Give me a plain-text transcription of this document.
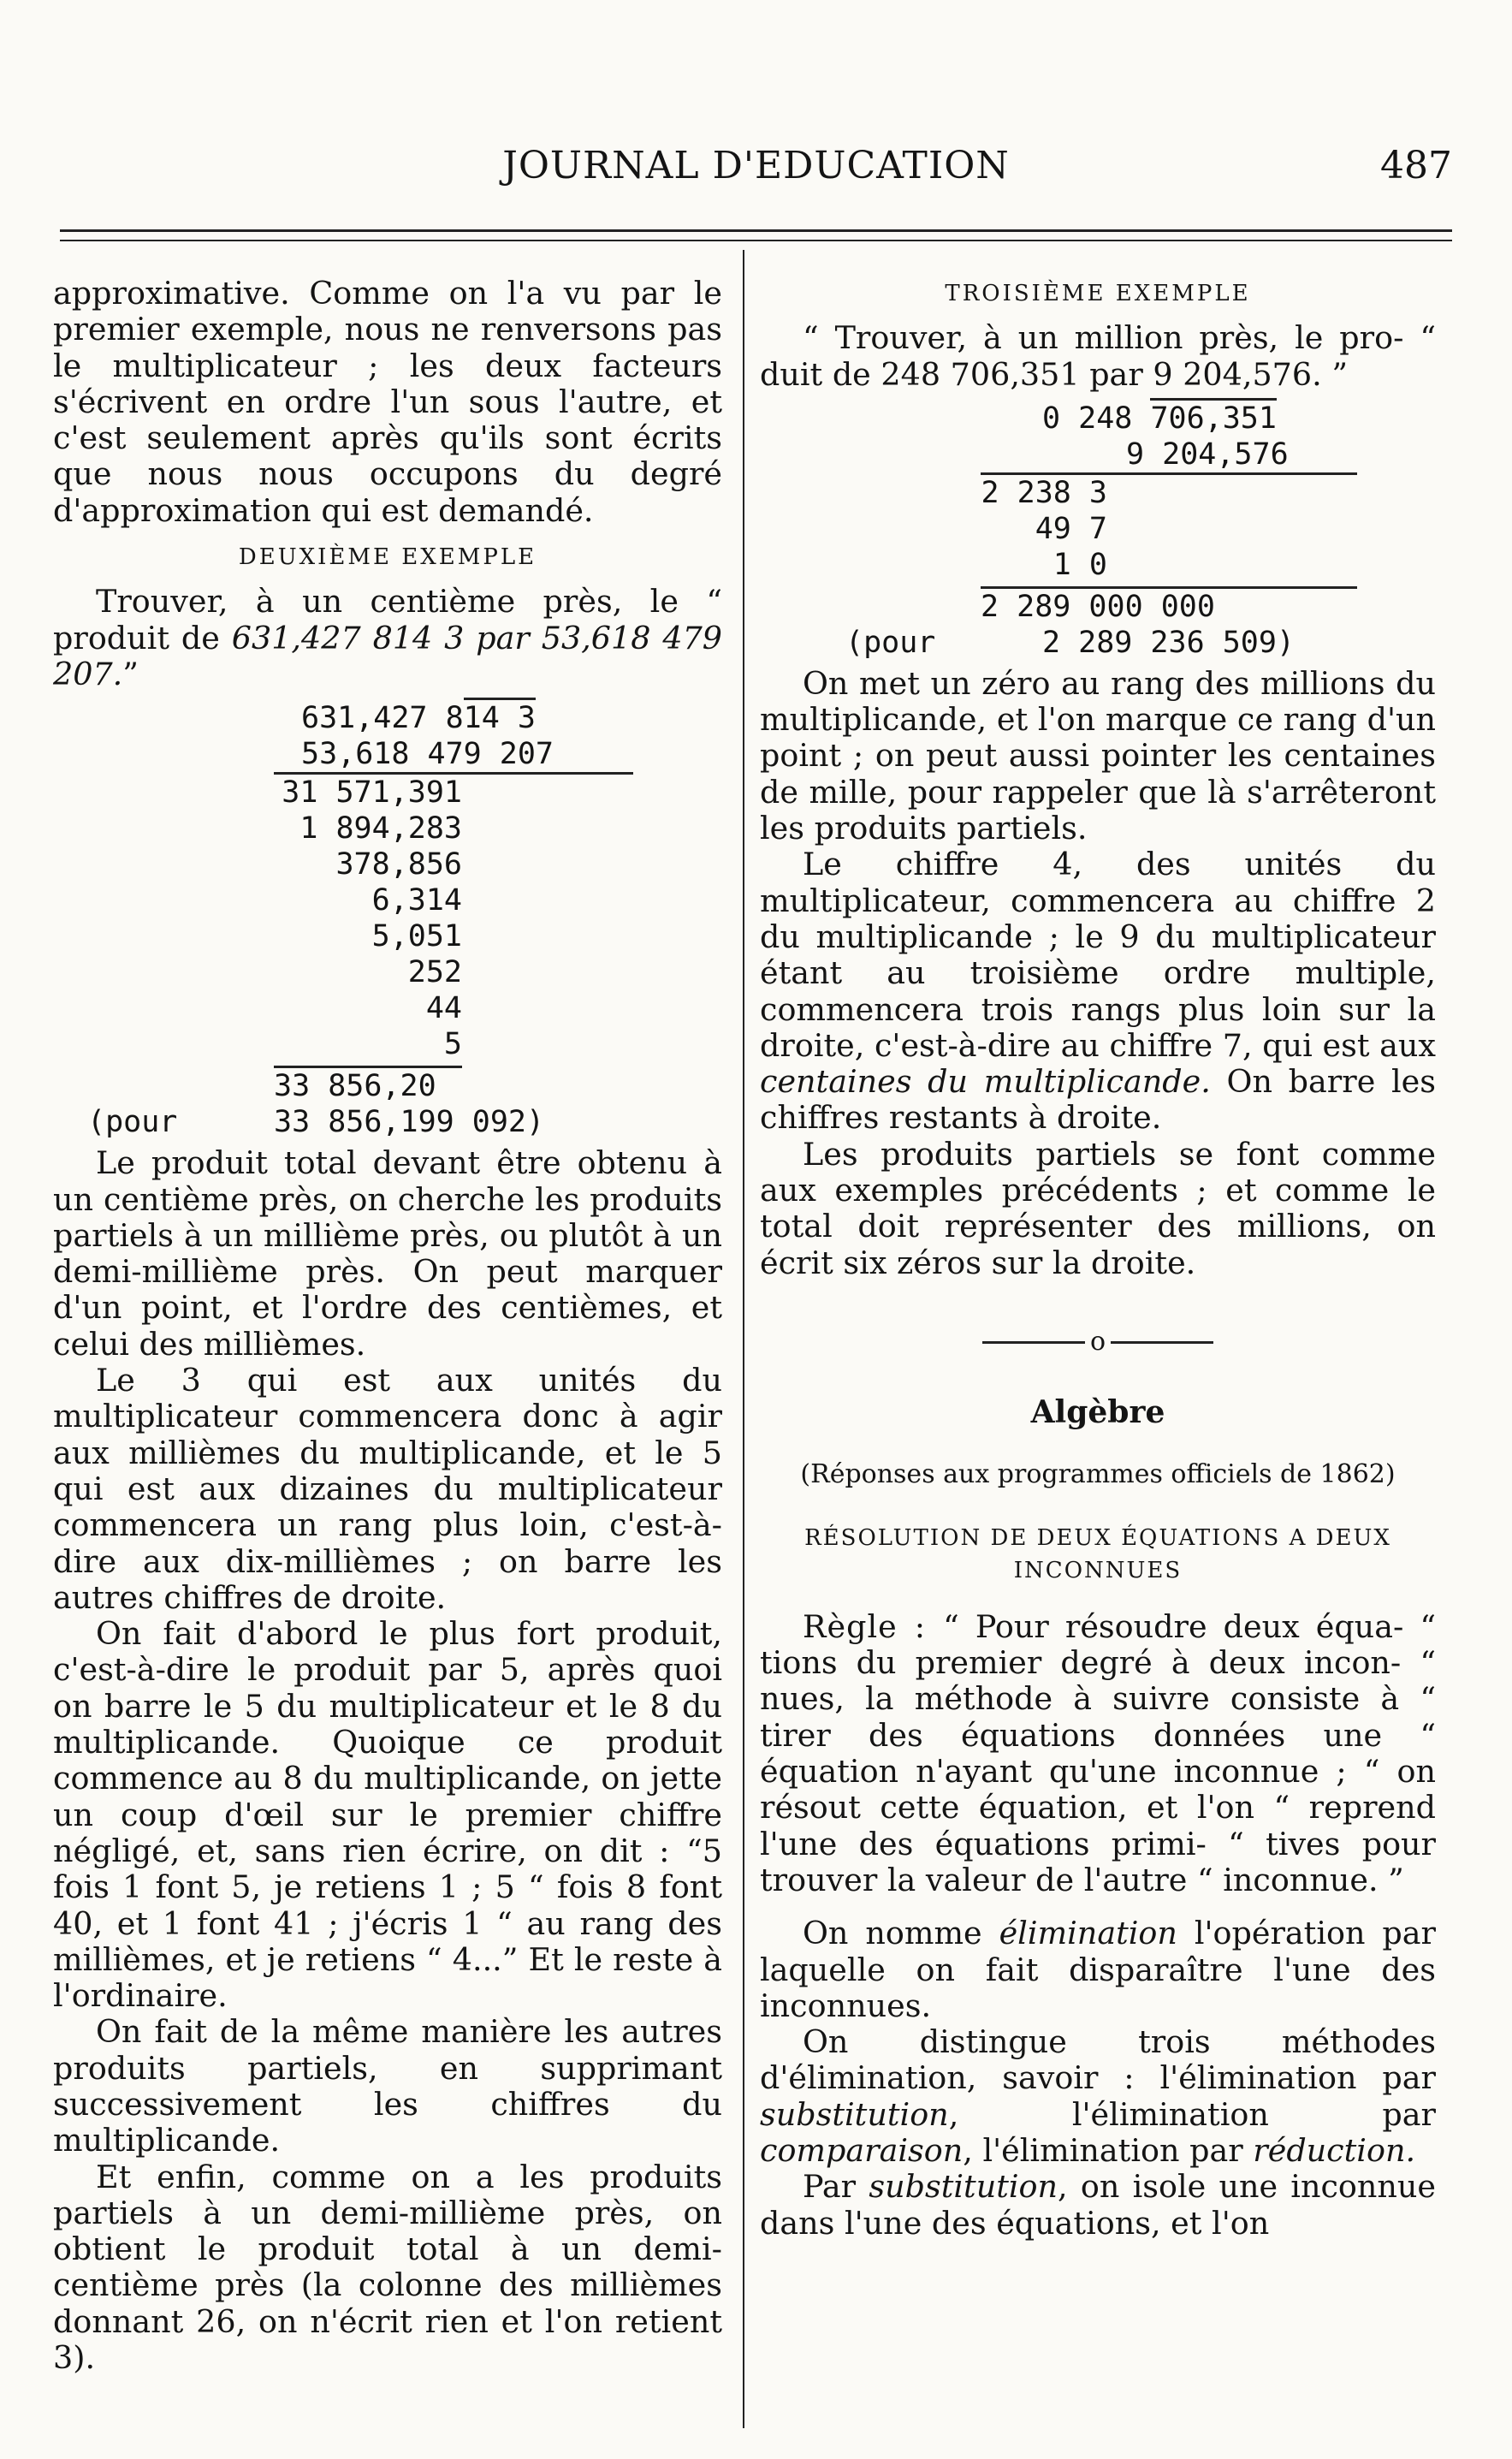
JOURNAL D'EDUCATION	487

approximative. Comme on l'a vu par le premier exemple, nous ne renversons pas le multiplicateur ; les deux facteurs s'écrivent en ordre l'un sous l'autre, et c'est seulement après qu'ils sont écrits que nous nous occupons du degré d'approximation qui est demandé.

DEUXIÈME EXEMPLE

Trouver, à un centième près, le “ produit de 631,427 814 3 par 53,618 479 207.”

631,427 814 3
53,618 479 207
31 571,391
1 894,283
378,856
6,314
5,051
252
44
5
33 856,20
(pour	33 856,199 092)

Le produit total devant être obtenu à un centième près, on cherche les produits partiels à un millième près, ou plutôt à un demi-millième près. On peut marquer d'un point, et l'ordre des centièmes, et celui des millièmes.

Le 3 qui est aux unités du multiplicateur commencera donc à agir aux millièmes du multiplicande, et le 5 qui est aux dizaines du multiplicateur commencera un rang plus loin, c'est-à-dire aux dix-millièmes ; on barre les autres chiffres de droite.

On fait d'abord le plus fort produit, c'est-à-dire le produit par 5, après quoi on barre le 5 du multiplicateur et le 8 du multiplicande. Quoique ce produit commence au 8 du multiplicande, on jette un coup d'œil sur le premier chiffre négligé, et, sans rien écrire, on dit : “5 fois 1 font 5, je retiens 1 ; 5 “ fois 8 font 40, et 1 font 41 ; j'écris 1 “ au rang des millièmes, et je retiens “ 4...” Et le reste à l'ordinaire.

On fait de la même manière les autres produits partiels, en supprimant successivement les chiffres du multiplicande.

Et enfin, comme on a les produits partiels à un demi-millième près, on obtient le produit total à un demi-centième près (la colonne des millièmes donnant 26, on n'écrit rien et l'on retient 3).

TROISIÈME EXEMPLE

“ Trouver, à un million près, le pro- “ duit de 248 706,351 par 9 204,576. ”

0 248 706,351
9 204,576
2 238 3
49 7
1 0
2 289 000 000
(pour	2 289 236 509)

On met un zéro au rang des millions du multiplicande, et l'on marque ce rang d'un point ; on peut aussi pointer les centaines de mille, pour rappeler que là s'arrêteront les produits partiels.

Le chiffre 4, des unités du multiplicateur, commencera au chiffre 2 du multiplicande ; le 9 du multiplicateur étant au troisième ordre multiple, commencera trois rangs plus loin sur la droite, c'est-à-dire au chiffre 7, qui est aux centaines du multiplicande. On barre les chiffres restants à droite.

Les produits partiels se font comme aux exemples précédents ; et comme le total doit représenter des millions, on écrit six zéros sur la droite.

o
Algèbre
(Réponses aux programmes officiels de 1862)
RÉSOLUTION DE DEUX ÉQUATIONS A DEUX INCONNUES

Règle : “ Pour résoudre deux équa- “ tions du premier degré à deux incon- “ nues, la méthode à suivre consiste à “ tirer des équations données une “ équation n'ayant qu'une inconnue ; “ on résout cette équation, et l'on “ reprend l'une des équations primi- “ tives pour trouver la valeur de l'autre “ inconnue. ”

On nomme élimination l'opération par laquelle on fait disparaître l'une des inconnues.

On distingue trois méthodes d'élimination, savoir : l'élimination par substitution, l'élimination par comparaison, l'élimination par réduction.

Par substitution, on isole une inconnue dans l'une des équations, et l'on
